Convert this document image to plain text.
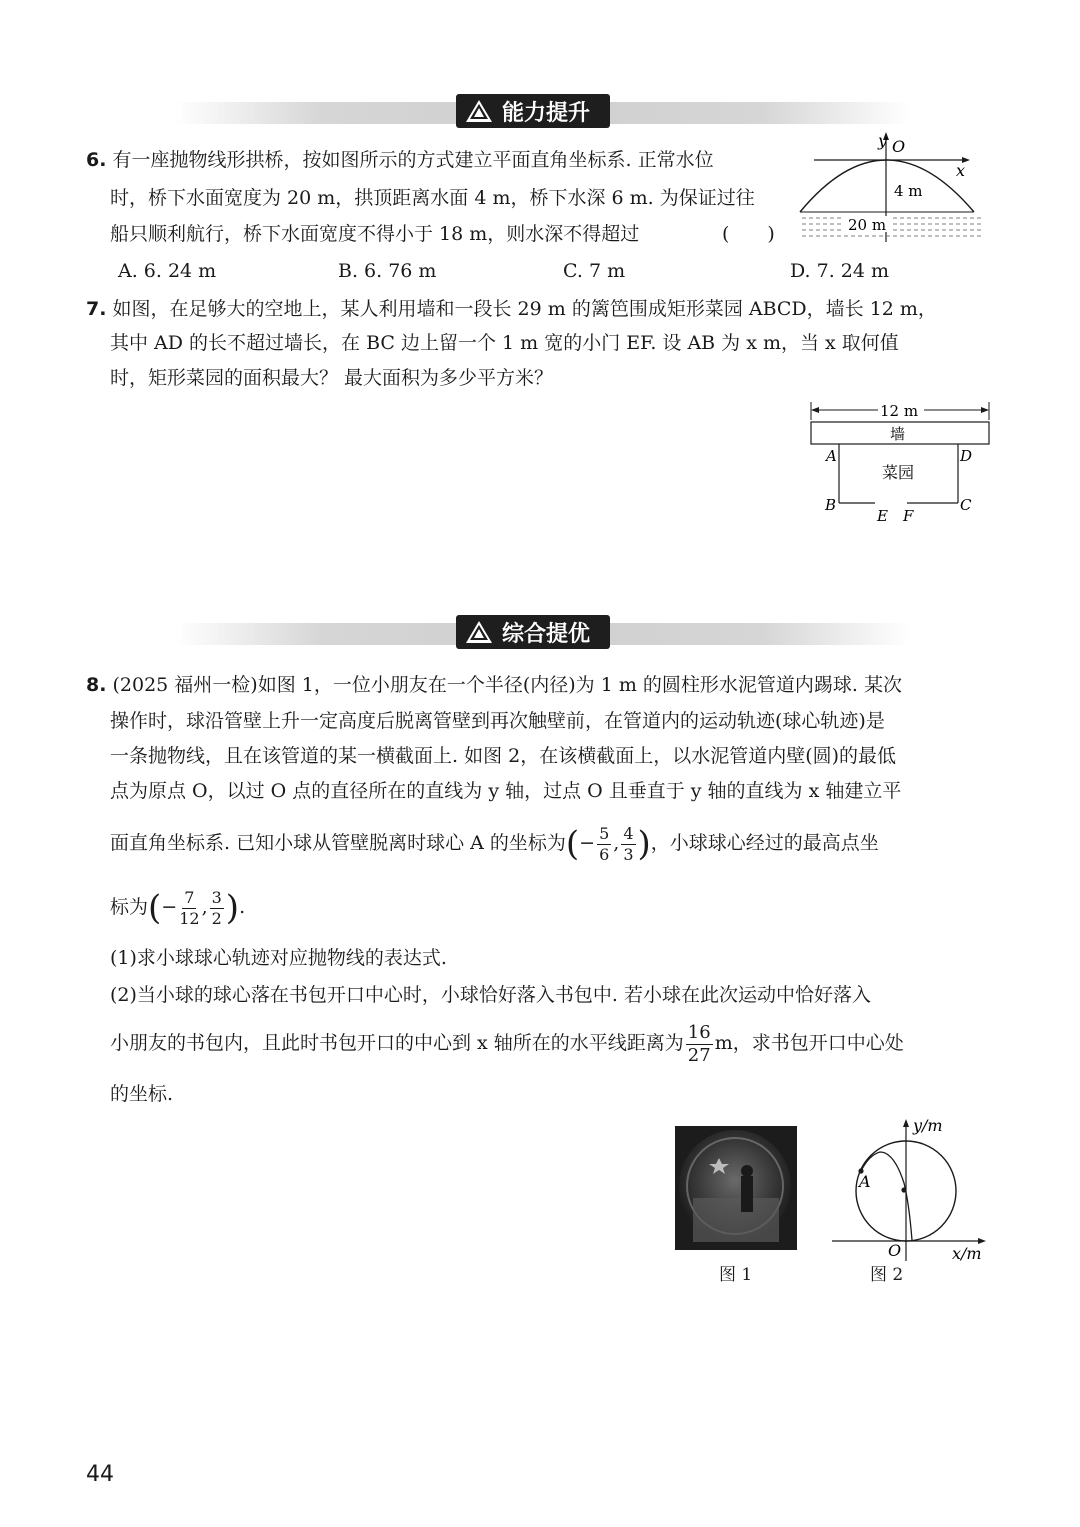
能力提升
6. 有一座抛物线形拱桥，按如图所示的方式建立平面直角坐标系. 正常水位
时，桥下水面宽度为 20 m，拱顶距离水面 4 m，桥下水深 6 m. 为保证过往
船只顺利航行，桥下水面宽度不得小于 18 m，则水深不得超过	(　　)
A. 6. 24 m	B. 6. 76 m	C. 7 m	D. 7. 24 m
y O
x
4 m
20 m
7. 如图，在足够大的空地上，某人利用墙和一段长 29 m 的篱笆围成矩形菜园 ABCD，墙长 12 m，
其中 AD 的长不超过墙长，在 BC 边上留一个 1 m 宽的小门 EF. 设 AB 为 x m，当 x 取何值
时，矩形菜园的面积最大？ 最大面积为多少平方米？
12 m
墙
菜园
A	D
B	C
E F
综合提优
8. (2025 福州一检)如图 1，一位小朋友在一个半径(内径)为 1 m 的圆柱形水泥管道内踢球. 某次
操作时，球沿管壁上升一定高度后脱离管壁到再次触壁前，在管道内的运动轨迹(球心轨迹)是
一条抛物线，且在该管道的某一横截面上. 如图 2，在该横截面上，以水泥管道内壁(圆)的最低
点为原点 O，以过 O 点的直径所在的直线为 y 轴，过点 O 且垂直于 y 轴的直线为 x 轴建立平
面直角坐标系. 已知小球从管壁脱离时球心 A 的坐标为(− $\frac{5}{6}$ , $\frac{4}{3}$ )，小球球心经过的最高点坐
标为(− $\frac{7}{12}$ , $\frac{3}{2}$ ).
(1)求小球球心轨迹对应抛物线的表达式.
(2)当小球的球心落在书包开口中心时，小球恰好落入书包中. 若小球在此次运动中恰好落入
小朋友的书包内，且此时书包开口的中心到 x 轴所在的水平线距离为 $\frac{16}{27}$ m，求书包开口中心处
的坐标.
图 1
y/m
x/m
O
A
图 2
44
